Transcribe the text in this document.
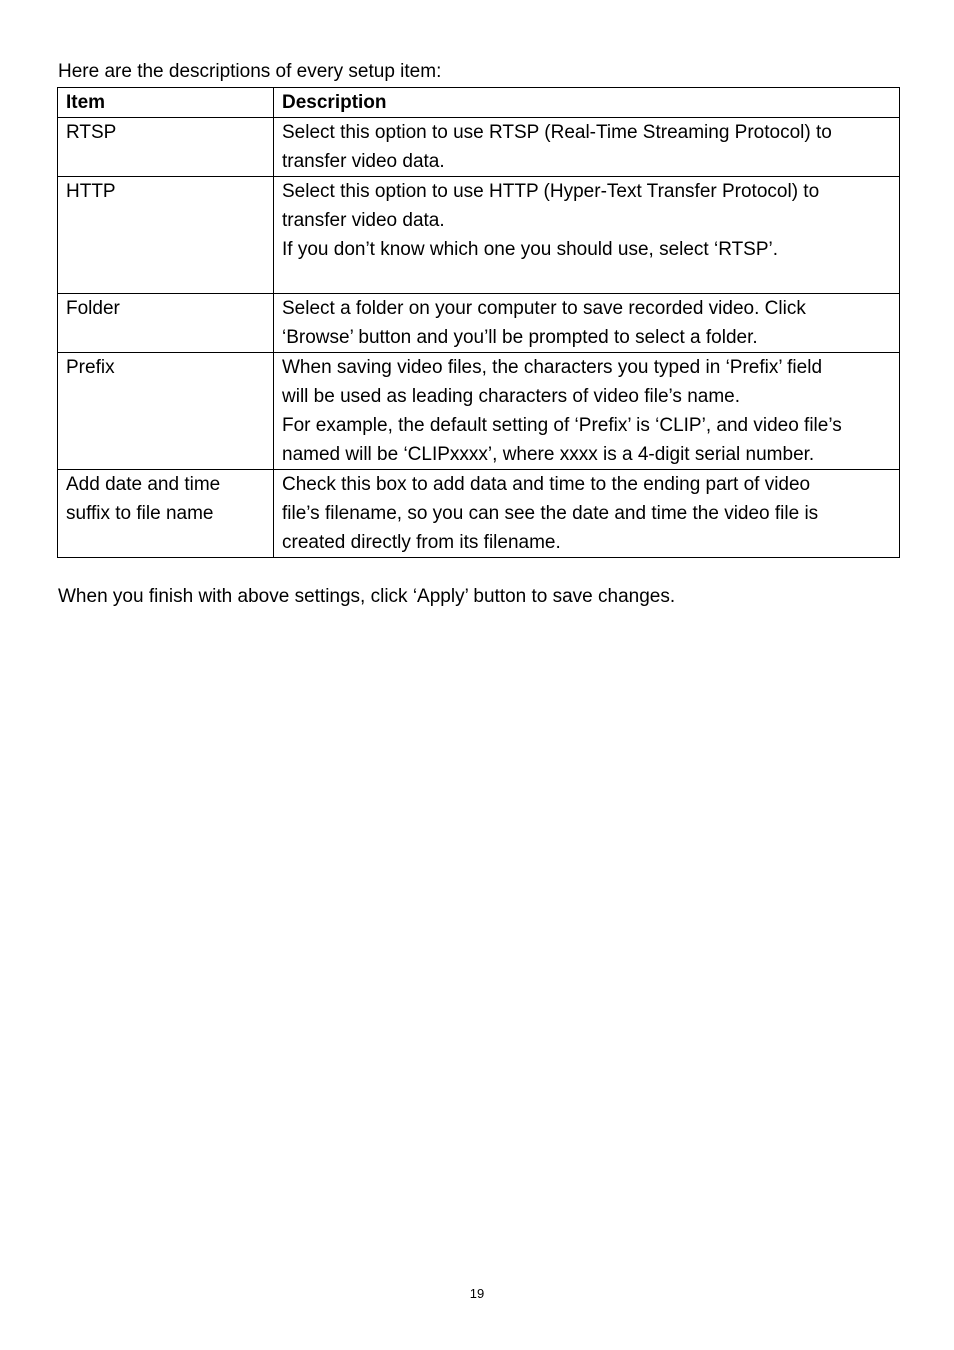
Here are the descriptions of every setup item:
Item	Description

RTSP	Select this option to use RTSP (Real-Time Streaming Protocol) to
transfer video data.

HTTP	Select this option to use HTTP (Hyper-Text Transfer Protocol) to
transfer video data.
If you don’t know which one you should use, select ‘RTSP’.

Folder	Select a folder on your computer to save recorded video. Click
‘Browse’ button and you’ll be prompted to select a folder.

Prefix	When saving video files, the characters you typed in ‘Prefix’ field
will be used as leading characters of video file’s name.
For example, the default setting of ‘Prefix’ is ‘CLIP’, and video file’s
named will be ‘CLIPxxxx’, where xxxx is a 4-digit serial number.

Add date and time
suffix to file name	Check this box to add data and time to the ending part of video
file’s filename, so you can see the date and time the video file is
created directly from its filename.
When you finish with above settings, click ‘Apply’ button to save changes.
19
